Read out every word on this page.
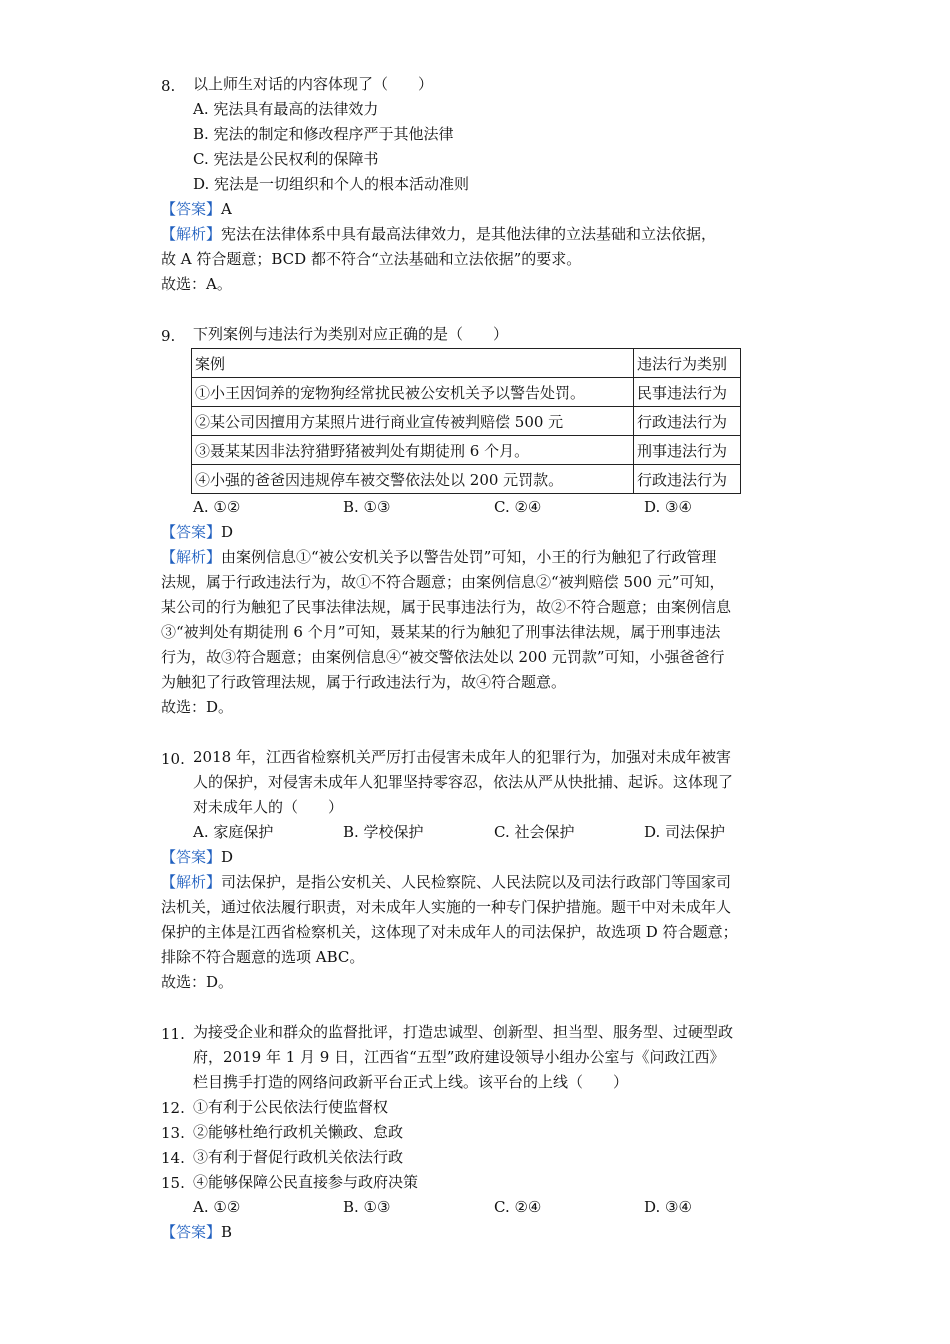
8. 以上师生对话的内容体现了（　　）
A. 宪法具有最高的法律效力
B. 宪法的制定和修改程序严于其他法律
C. 宪法是公民权利的保障书
D. 宪法是一切组织和个人的根本活动准则
【答案】A
【解析】宪法在法律体系中具有最高法律效力，是其他法律的立法基础和立法依据，
故 A 符合题意；BCD 都不符合“立法基础和立法依据”的要求。
故选：A。
9. 下列案例与违法行为类别对应正确的是（　　）
案例	违法行为类别
①小王因饲养的宠物狗经常扰民被公安机关予以警告处罚。	民事违法行为
②某公司因擅用方某照片进行商业宣传被判赔偿 500 元	行政违法行为
③聂某某因非法狩猎野猪被判处有期徒刑 6 个月。	刑事违法行为
④小强的爸爸因违规停车被交警依法处以 200 元罚款。	行政违法行为
A. ①②	B. ①③	C. ②④	D. ③④
【答案】D
【解析】由案例信息①“被公安机关予以警告处罚”可知，小王的行为触犯了行政管理
法规，属于行政违法行为，故①不符合题意；由案例信息②“被判赔偿 500 元”可知，
某公司的行为触犯了民事法律法规，属于民事违法行为，故②不符合题意；由案例信息
③“被判处有期徒刑 6 个月”可知，聂某某的行为触犯了刑事法律法规，属于刑事违法
行为，故③符合题意；由案例信息④“被交警依法处以 200 元罚款”可知，小强爸爸行
为触犯了行政管理法规，属于行政违法行为，故④符合题意。
故选：D。
10. 2018 年，江西省检察机关严厉打击侵害未成年人的犯罪行为，加强对未成年被害
人的保护，对侵害未成年人犯罪坚持零容忍，依法从严从快批捕、起诉。这体现了
对未成年人的（　　）
A. 家庭保护	B. 学校保护	C. 社会保护	D. 司法保护
【答案】D
【解析】司法保护，是指公安机关、人民检察院、人民法院以及司法行政部门等国家司
法机关，通过依法履行职责，对未成年人实施的一种专门保护措施。题干中对未成年人
保护的主体是江西省检察机关，这体现了对未成年人的司法保护，故选项 D 符合题意；
排除不符合题意的选项 ABC。
故选：D。
11. 为接受企业和群众的监督批评，打造忠诚型、创新型、担当型、服务型、过硬型政
府，2019 年 1 月 9 日，江西省“五型”政府建设领导小组办公室与《问政江西》
栏目携手打造的网络问政新平台正式上线。该平台的上线（　　）
12. ①有利于公民依法行使监督权
13. ②能够杜绝行政机关懒政、怠政
14. ③有利于督促行政机关依法行政
15. ④能够保障公民直接参与政府决策
A. ①②	B. ①③	C. ②④	D. ③④
【答案】B
